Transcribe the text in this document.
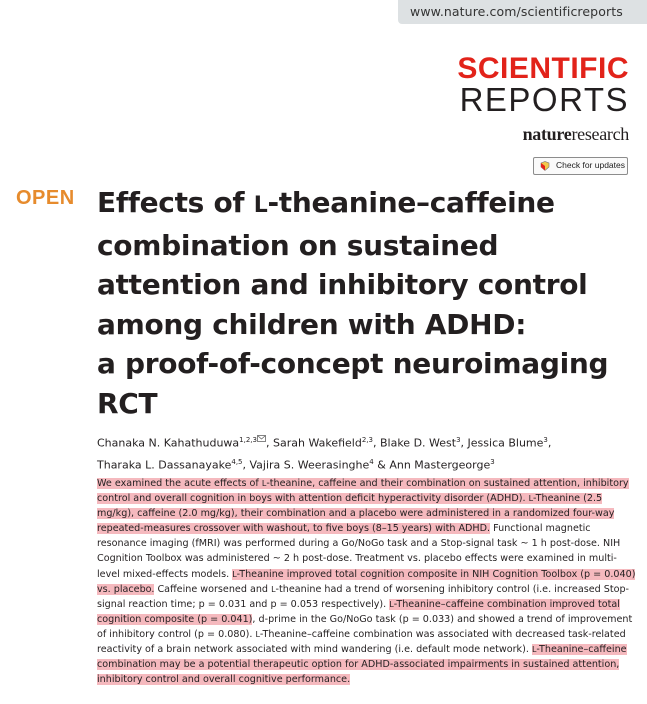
www.nature.com/scientificreports
SCIENTIFIC
REPORTS
natureresearch
Check for updates
OPEN Effects of L-theanine–caffeine
combination on sustained
attention and inhibitory control
among children with ADHD:
a proof-of-concept neuroimaging
RCT
Chanaka N. Kahathuduwa$^{1,2,3}$ , Sarah Wakefield$^{2,3}$, Blake D. West$^3$, Jessica Blume$^3$,
Tharaka L. Dassanayake$^{4,5}$, Vajira S. Weerasinghe$^4$ & Ann Mastergeorge$^3$

We examined the acute effects of L-theanine, caffeine and their combination on sustained attention, inhibitory control and overall cognition in boys with attention deficit hyperactivity disorder (ADHD). L-Theanine (2.5 mg/kg), caffeine (2.0 mg/kg), their combination and a placebo were administered in a randomized four-way repeated-measures crossover with washout, to five boys (8–15 years) with ADHD. Functional magnetic resonance imaging (fMRI) was performed during a Go/NoGo task and a Stop-signal task ~ 1 h post-dose. NIH Cognition Toolbox was administered ~ 2 h post-dose. Treatment vs. placebo effects were examined in multi-level mixed-effects models. L-Theanine improved total cognition composite in NIH Cognition Toolbox (p = 0.040) vs. placebo. Caffeine worsened and L-theanine had a trend of worsening inhibitory control (i.e. increased Stop-signal reaction time; p = 0.031 and p = 0.053 respectively). L-Theanine–caffeine combination improved total cognition composite (p = 0.041), d-prime in the Go/NoGo task (p = 0.033) and showed a trend of improvement of inhibitory control (p = 0.080). L-Theanine–caffeine combination was associated with decreased task-related reactivity of a brain network associated with mind wandering (i.e. default mode network). L-Theanine–caffeine combination may be a potential therapeutic option for ADHD-associated impairments in sustained attention, inhibitory control and overall cognitive performance.
